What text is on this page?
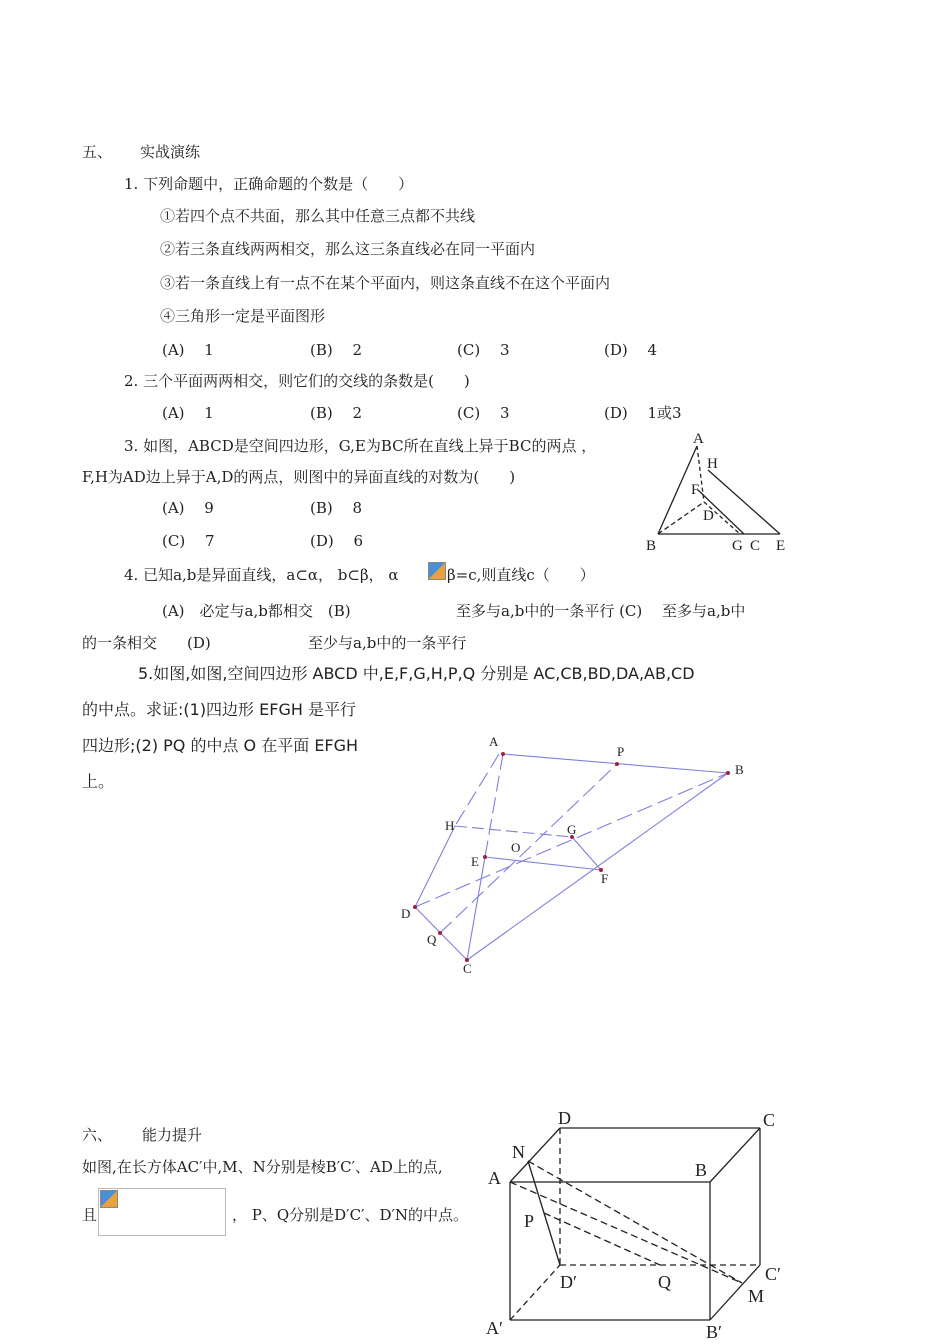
五、 实战演练
1. 下列命题中，正确命题的个数是（　　）
①若四个点不共面，那么其中任意三点都不共线
②若三条直线两两相交，那么这三条直线必在同一平面内
③若一条直线上有一点不在某个平面内，则这条直线不在这个平面内
④三角形一定是平面图形
(A)　 1	(B)　 2	(C)　 3	(D)　 4
2. 三个平面两两相交，则它们的交线的条数是(　　)
(A)　 1	(B)　 2	(C)　 3	(D)　 1或3
3. 如图，ABCD是空间四边形，G,E为BC所在直线上异于BC的两点 ，
F,H为AD边上异于A,D的两点，则图中的异面直线的对数为(　　)
(A)　 9	(B)　 8
(C)　 7	(D)　 6
A
H
F
D
B	G C E
4. 已知a,b是异面直线，a⊂α， b⊂β， α	β=c,则直线c（　　）
(A)　必定与a,b都相交　(B)	至多与a,b中的一条平行 (C)　 至多与a,b中
的一条相交　　(D)	至少与a,b中的一条平行
5.如图,如图,空间四边形 ABCD 中,E,F,G,H,P,Q 分别是 AC,CB,BD,DA,AB,CD
的中点。求证:(1)四边形 EFGH 是平行
四边形;(2) PQ 的中点 O 在平面 EFGH
上。
A
P
B
H	G
O
E
F
D
Q
C
六、 能力提升
如图,在长方体AC′中,M、N分别是棱B′C′、AD上的点,
且	， P、Q分别是D′C′、D′N的中点。
D	C
N
A	B
P
D′	Q	C′
M
A′	B′
